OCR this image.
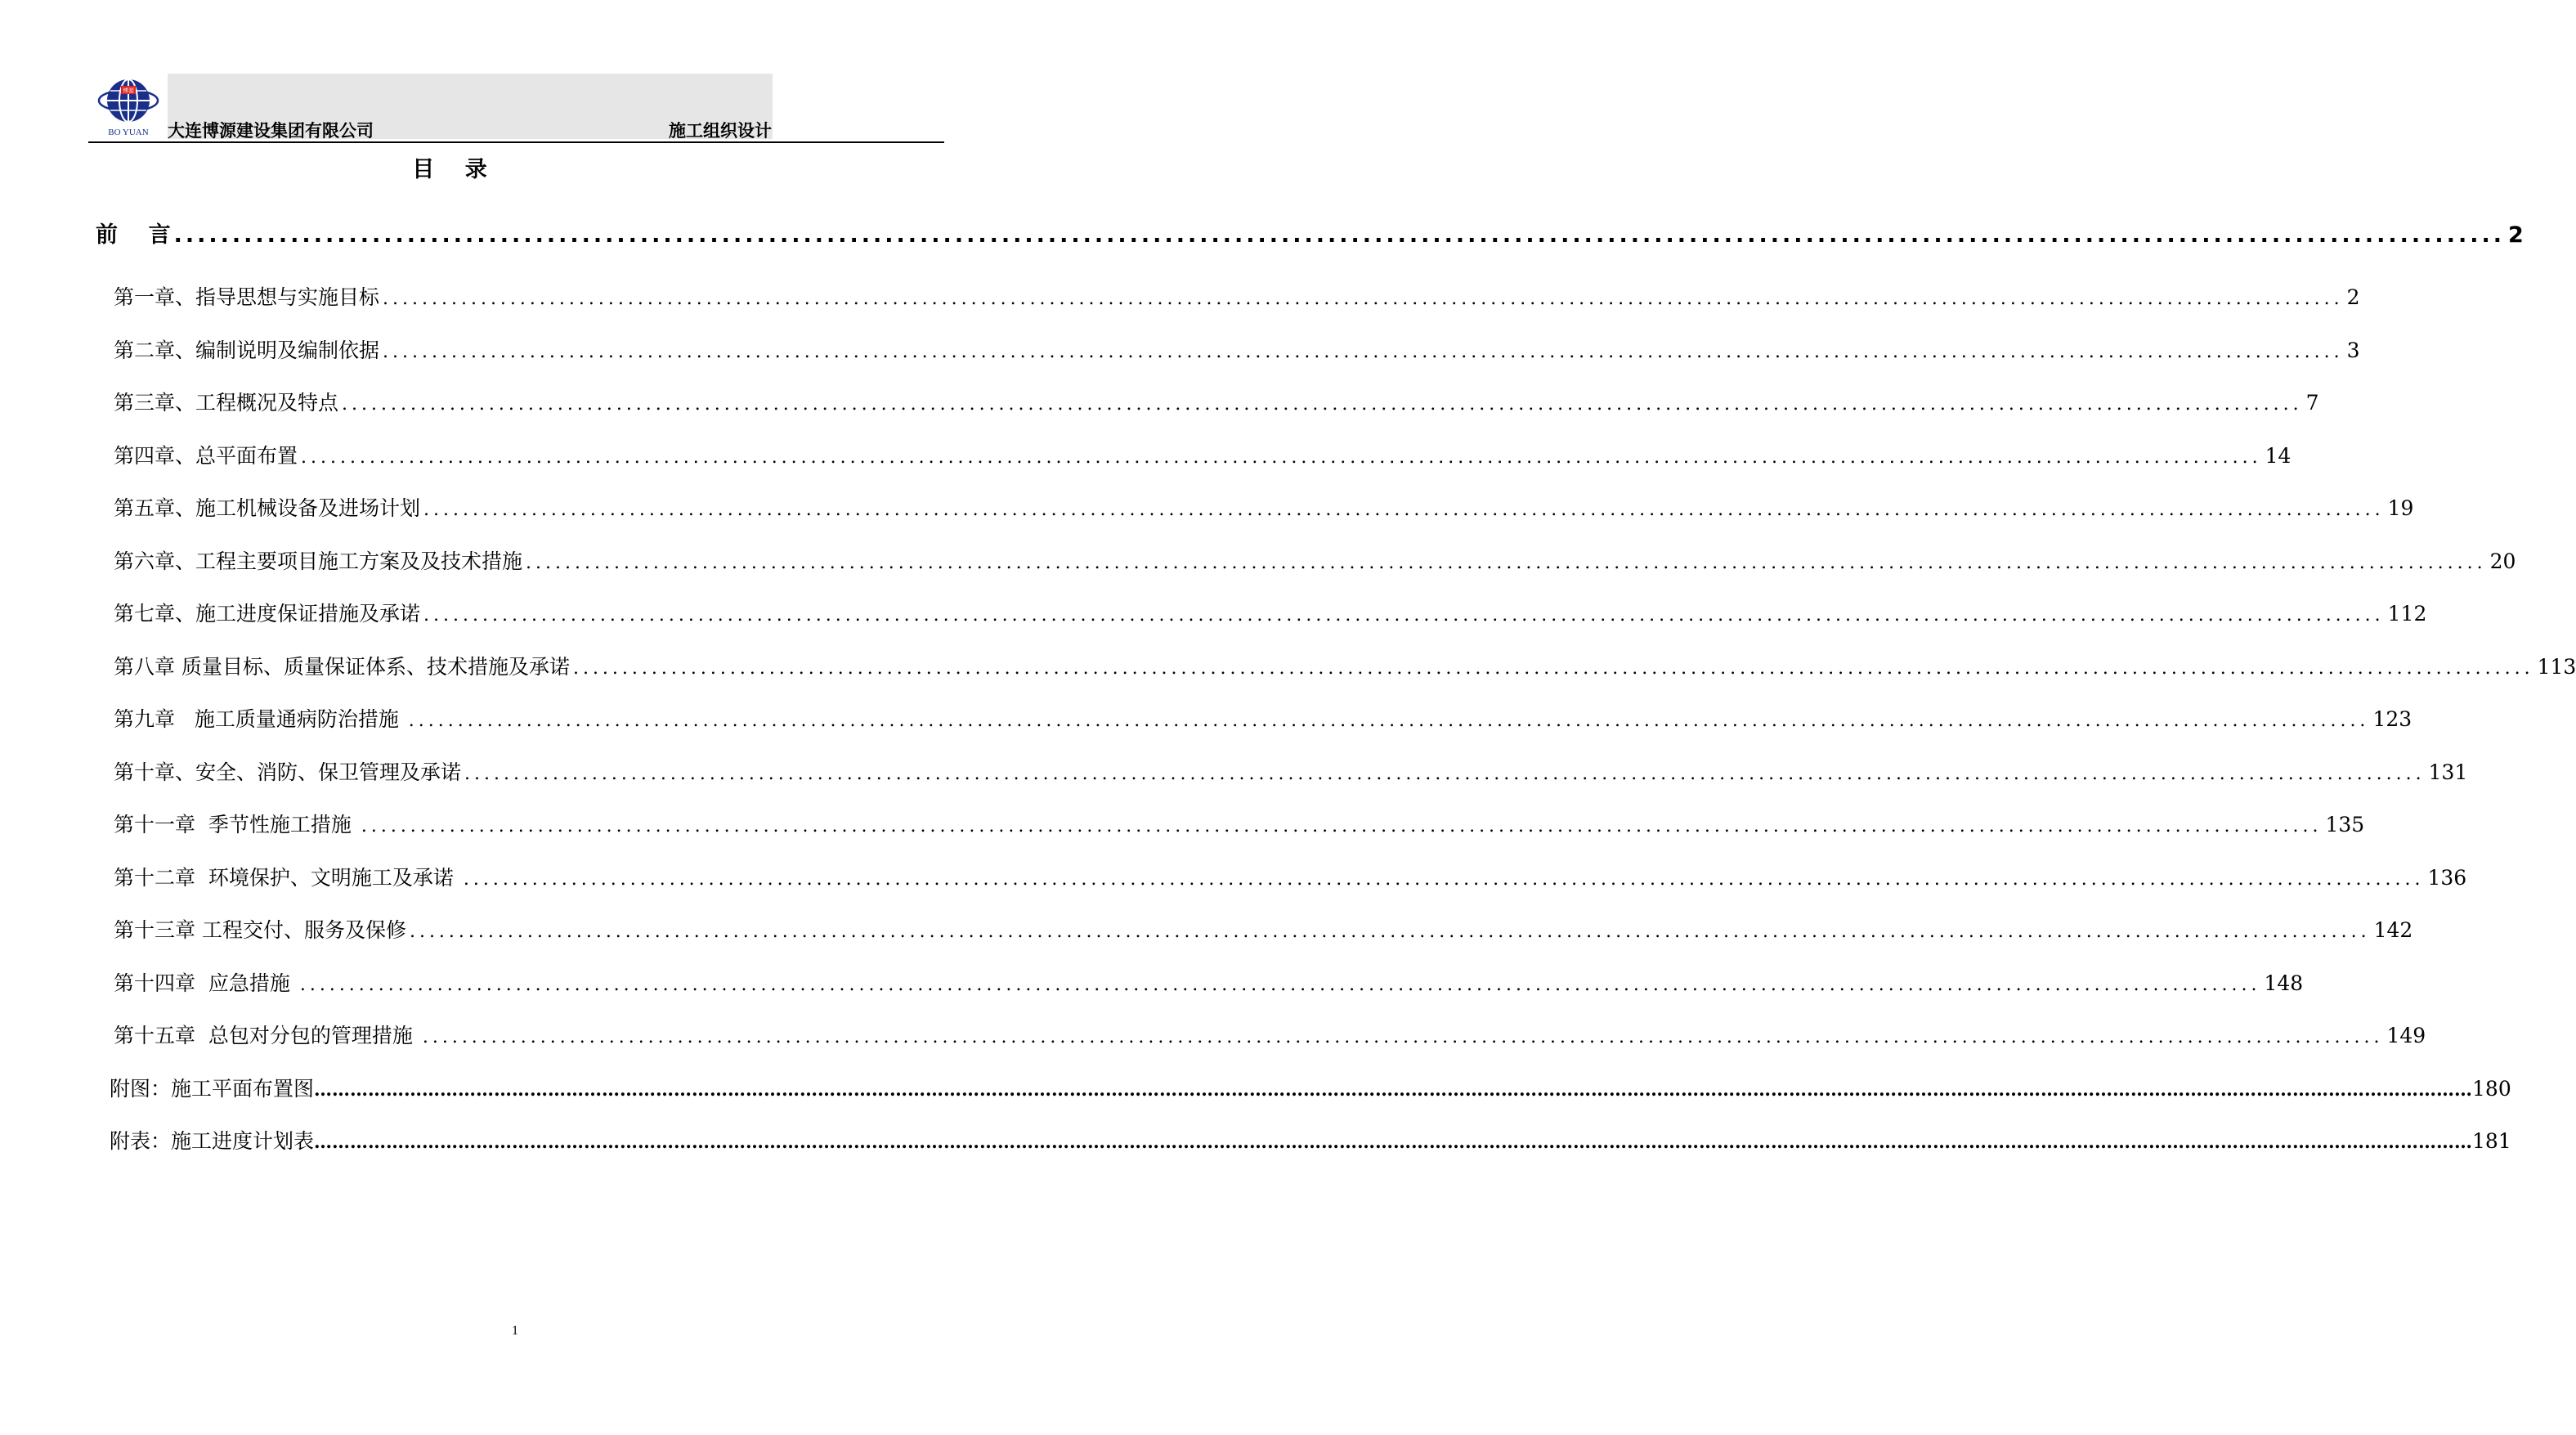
博源
BO YUAN 大连博源建设集团有限公司	施工组织设计
目    录
前    言 ........................................................................................................................................................................................................ 2
第一章、指导思想与实施目标 ........................................................................................................................................................................................................ 2
第二章、编制说明及编制依据 ........................................................................................................................................................................................................ 3
第三章、工程概况及特点 ........................................................................................................................................................................................................ 7
第四章、总平面布置 ........................................................................................................................................................................................................ 14
第五章、施工机械设备及进场计划 ........................................................................................................................................................................................................ 19
第六章、工程主要项目施工方案及及技术措施 ........................................................................................................................................................................................................ 20
第七章、施工进度保证措施及承诺 ........................................................................................................................................................................................................ 112
第八章 质量目标、质量保证体系、技术措施及承诺 ........................................................................................................................................................................................................ 113
第九章   施工质量通病防治措施 ........................................................................................................................................................................................................ 123
第十章、安全、消防、保卫管理及承诺 ........................................................................................................................................................................................................ 131
第十一章  季节性施工措施 ........................................................................................................................................................................................................ 135
第十二章  环境保护、文明施工及承诺 ........................................................................................................................................................................................................ 136
第十三章 工程交付、服务及保修 ........................................................................................................................................................................................................ 142
第十四章  应急措施 ........................................................................................................................................................................................................ 148
第十五章  总包对分包的管理措施 ........................................................................................................................................................................................................ 149
附图：施工平面布置图 ……………………………………………………………………………………………………………………………………………………………………………………………………………………………………………………………………………………………………………………………… 180
附表：施工进度计划表 ……………………………………………………………………………………………………………………………………………………………………………………………………………………………………………………………………………………………………………………………… 181
1
